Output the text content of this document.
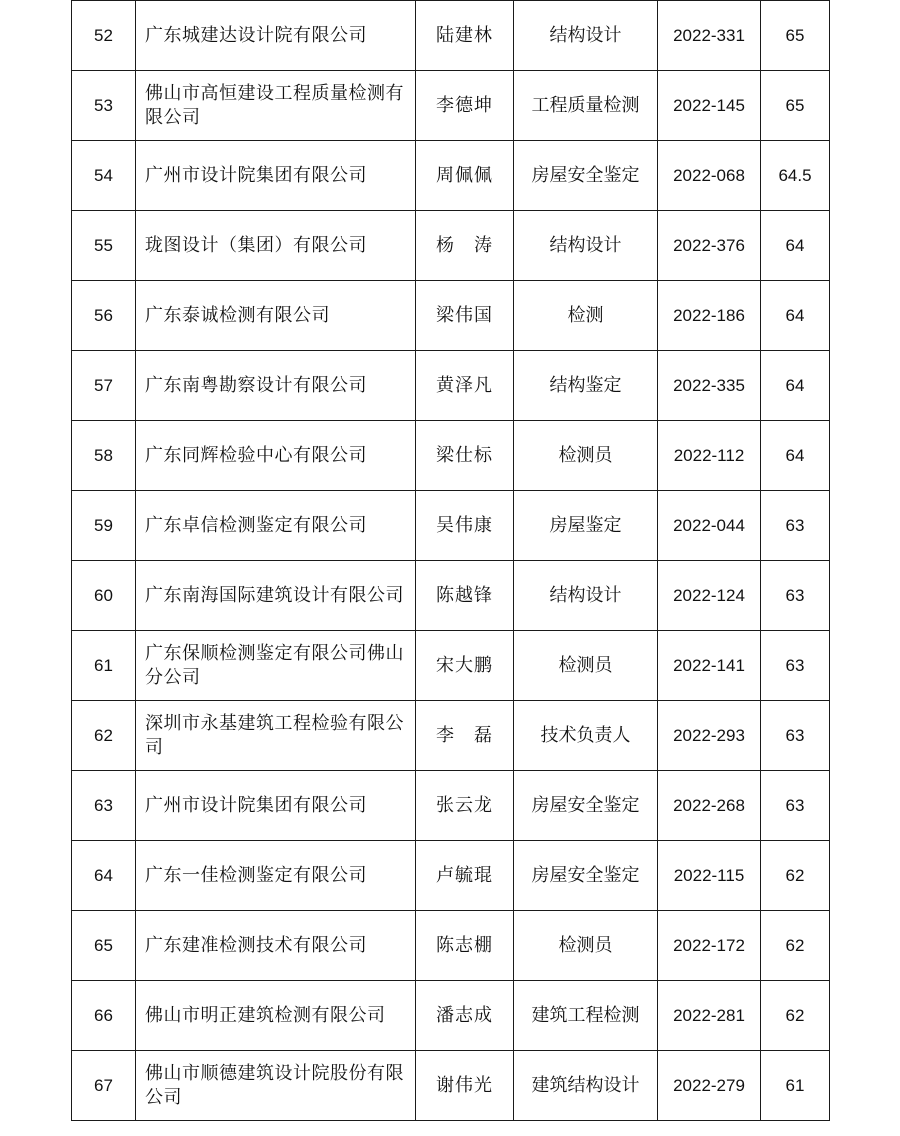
52	广东城建达设计院有限公司	陆建林	结构设计	2022-331	65
53	佛山市高恒建设工程质量检测有限公司	李德坤	工程质量检测	2022-145	65
54	广州市设计院集团有限公司	周佩佩	房屋安全鉴定	2022-068	64.5
55	珑图设计（集团）有限公司	杨　涛	结构设计	2022-376	64
56	广东泰诚检测有限公司	梁伟国	检测	2022-186	64
57	广东南粤勘察设计有限公司	黄泽凡	结构鉴定	2022-335	64
58	广东同辉检验中心有限公司	梁仕标	检测员	2022-112	64
59	广东卓信检测鉴定有限公司	吴伟康	房屋鉴定	2022-044	63
60	广东南海国际建筑设计有限公司	陈越锋	结构设计	2022-124	63
61	广东保顺检测鉴定有限公司佛山分公司	宋大鹏	检测员	2022-141	63
62	深圳市永基建筑工程检验有限公司	李　磊	技术负责人	2022-293	63
63	广州市设计院集团有限公司	张云龙	房屋安全鉴定	2022-268	63
64	广东一佳检测鉴定有限公司	卢毓琨	房屋安全鉴定	2022-115	62
65	广东建准检测技术有限公司	陈志棚	检测员	2022-172	62
66	佛山市明正建筑检测有限公司	潘志成	建筑工程检测	2022-281	62
67	佛山市顺德建筑设计院股份有限公司	谢伟光	建筑结构设计	2022-279	61
